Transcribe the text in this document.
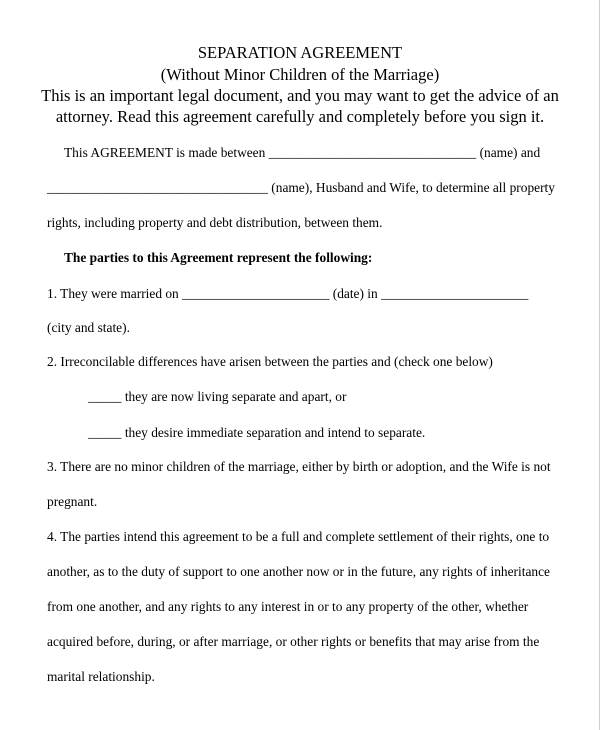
SEPARATION AGREEMENT
(Without Minor Children of the Marriage)
This is an important legal document, and you may want to get the advice of an
attorney. Read this agreement carefully and completely before you sign it.
This AGREEMENT is made between _______________________________ (name) and
_________________________________ (name), Husband and Wife, to determine all property
rights, including property and debt distribution, between them.
The parties to this Agreement represent the following:
1. They were married on ______________________ (date) in ______________________
(city and state).
2. Irreconcilable differences have arisen between the parties and (check one below)
_____ they are now living separate and apart, or
_____ they desire immediate separation and intend to separate.
3. There are no minor children of the marriage, either by birth or adoption, and the Wife is not
pregnant.
4. The parties intend this agreement to be a full and complete settlement of their rights, one to
another, as to the duty of support to one another now or in the future, any rights of inheritance
from one another, and any rights to any interest in or to any property of the other, whether
acquired before, during, or after marriage, or other rights or benefits that may arise from the
marital relationship.
